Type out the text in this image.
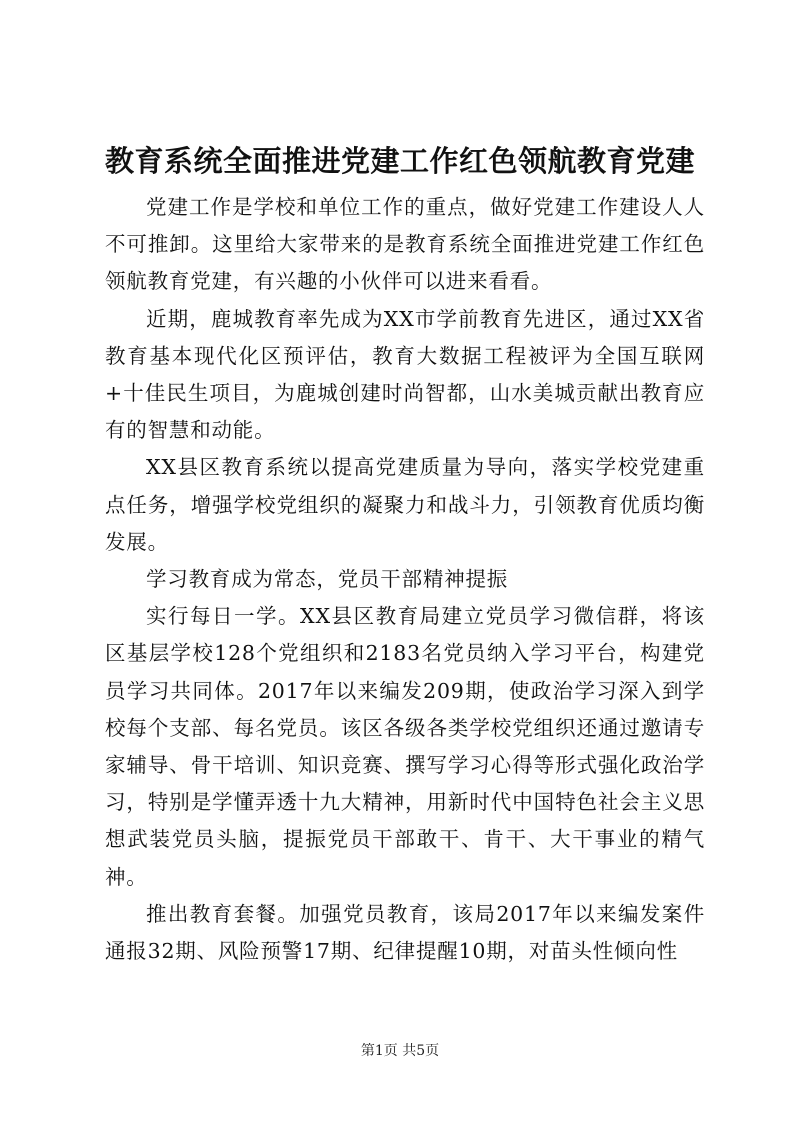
教育系统全面推进党建工作红色领航教育党建

党建工作是学校和单位工作的重点，做好党建工作建设人人不可推卸。这里给大家带来的是教育系统全面推进党建工作红色领航教育党建，有兴趣的小伙伴可以进来看看。

近期，鹿城教育率先成为XX市学前教育先进区，通过XX省教育基本现代化区预评估，教育大数据工程被评为全国互联网+十佳民生项目，为鹿城创建时尚智都，山水美城贡献出教育应有的智慧和动能。

XX县区教育系统以提高党建质量为导向，落实学校党建重点任务，增强学校党组织的凝聚力和战斗力，引领教育优质均衡发展。

学习教育成为常态，党员干部精神提振

实行每日一学。XX县区教育局建立党员学习微信群，将该区基层学校128个党组织和2183名党员纳入学习平台，构建党员学习共同体。2017年以来编发209期，使政治学习深入到学校每个支部、每名党员。该区各级各类学校党组织还通过邀请专家辅导、骨干培训、知识竞赛、撰写学习心得等形式强化政治学习，特别是学懂弄透十九大精神，用新时代中国特色社会主义思想武装党员头脑，提振党员干部敢干、肯干、大干事业的精气神。

推出教育套餐。加强党员教育，该局2017年以来编发案件通报32期、风险预警17期、纪律提醒10期，对苗头性倾向性

第1页 共5页
